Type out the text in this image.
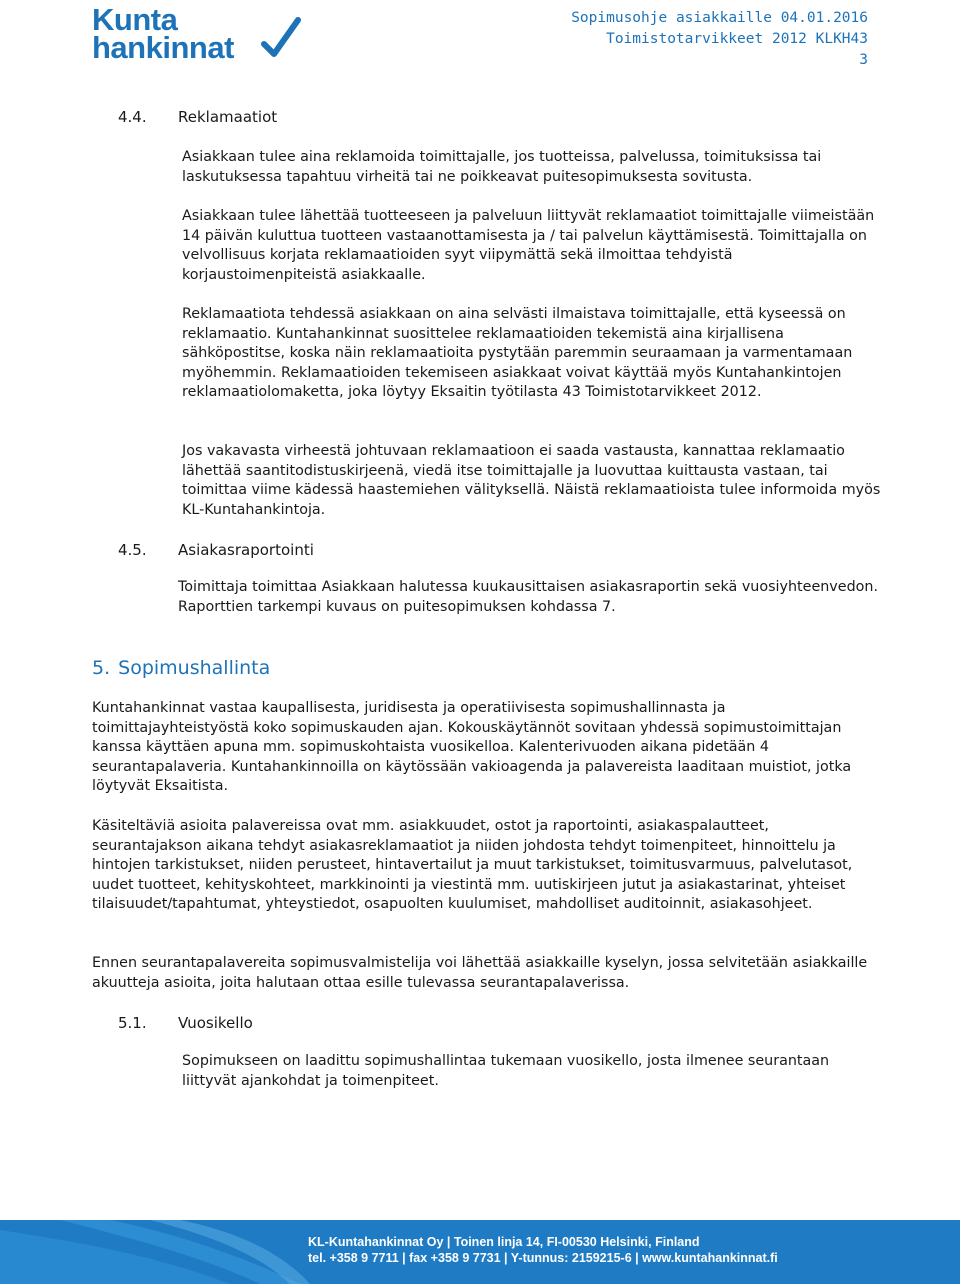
Kunta
hankinnat
Sopimusohje asiakkaille 04.01.2016
Toimistotarvikkeet 2012 KLKH43
3
4.4. Reklamaatiot

Asiakkaan tulee aina reklamoida toimittajalle, jos tuotteissa, palvelussa, toimituksissa tai laskutuksessa tapahtuu virheitä tai ne poikkeavat puitesopimuksesta sovitusta.

Asiakkaan tulee lähettää tuotteeseen ja palveluun liittyvät reklamaatiot toimittajalle viimeistään 14 päivän kuluttua tuotteen vastaanottamisesta ja / tai palvelun käyttämisestä. Toimittajalla on velvollisuus korjata reklamaatioiden syyt viipymättä sekä ilmoittaa tehdyistä korjaustoimenpiteistä asiakkaalle.

Reklamaatiota tehdessä asiakkaan on aina selvästi ilmaistava toimittajalle, että kyseessä on reklamaatio. Kuntahankinnat suosittelee reklamaatioiden tekemistä aina kirjallisena sähköpostitse, koska näin reklamaatioita pystytään paremmin seuraamaan ja varmentamaan myöhemmin. Reklamaatioiden tekemiseen asiakkaat voivat käyttää myös Kuntahankintojen reklamaatiolomaketta, joka löytyy Eksaitin työtilasta 43 Toimistotarvikkeet 2012.

Jos vakavasta virheestä johtuvaan reklamaatioon ei saada vastausta, kannattaa reklamaatio lähettää saantitodistuskirjeenä, viedä itse toimittajalle ja luovuttaa kuittausta vastaan, tai toimittaa viime kädessä haastemiehen välityksellä. Näistä reklamaatioista tulee informoida myös KL-Kuntahankintoja.

4.5. Asiakasraportointi

Toimittaja toimittaa Asiakkaan halutessa kuukausittaisen asiakasraportin sekä vuosiyhteenvedon. Raporttien tarkempi kuvaus on puitesopimuksen kohdassa 7.

5. Sopimushallinta

Kuntahankinnat vastaa kaupallisesta, juridisesta ja operatiivisesta sopimushallinnasta ja toimittajayhteistyöstä koko sopimuskauden ajan. Kokouskäytännöt sovitaan yhdessä sopimustoimittajan kanssa käyttäen apuna mm. sopimuskohtaista vuosikelloa. Kalenterivuoden aikana pidetään 4 seurantapalaveria. Kuntahankinnoilla on käytössään vakioagenda ja palavereista laaditaan muistiot, jotka löytyvät Eksaitista.

Käsiteltäviä asioita palavereissa ovat mm. asiakkuudet, ostot ja raportointi, asiakaspalautteet, seurantajakson aikana tehdyt asiakasreklamaatiot ja niiden johdosta tehdyt toimenpiteet, hinnoittelu ja hintojen tarkistukset, niiden perusteet, hintavertailut ja muut tarkistukset, toimitusvarmuus, palvelutasot, uudet tuotteet, kehityskohteet, markkinointi ja viestintä mm. uutiskirjeen jutut ja asiakastarinat, yhteiset tilaisuudet/tapahtumat, yhteystiedot, osapuolten kuulumiset, mahdolliset auditoinnit, asiakasohjeet.

Ennen seurantapalavereita sopimusvalmistelija voi lähettää asiakkaille kyselyn, jossa selvitetään asiakkaille akuutteja asioita, joita halutaan ottaa esille tulevassa seurantapalaverissa.

5.1. Vuosikello

Sopimukseen on laadittu sopimushallintaa tukemaan vuosikello, josta ilmenee seurantaan liittyvät ajankohdat ja toimenpiteet.

KL-Kuntahankinnat Oy | Toinen linja 14, FI-00530 Helsinki, Finland
tel. +358 9 7711 | fax +358 9 7731 | Y-tunnus: 2159215-6 | www.kuntahankinnat.fi
